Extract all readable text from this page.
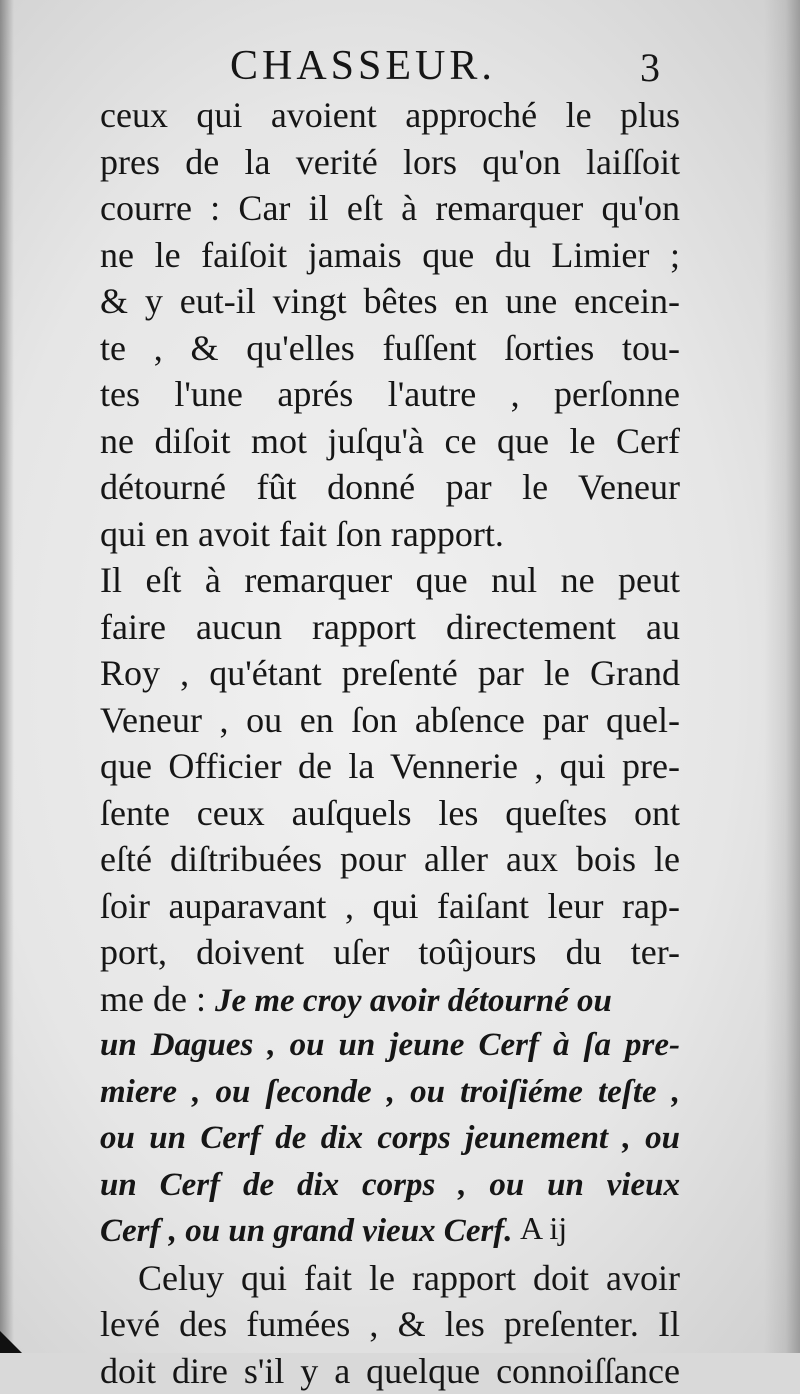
CHASSEUR.	3
ceux qui avoient approché le plus
pres de la verité lors qu'on laiſſoit
courre : Car il eſt à remarquer qu'on
ne le faiſoit jamais que du Limier ;
& y eut-il vingt bêtes en une encein-
te , & qu'elles fuſſent ſorties tou-
tes l'une aprés l'autre , perſonne
ne diſoit mot juſqu'à ce que le Cerf
détourné fût donné par le Veneur
qui en avoit fait ſon rapport.
Il eſt à remarquer que nul ne peut
faire aucun rapport directement au
Roy , qu'étant preſenté par le Grand
Veneur , ou en ſon abſence par quel-
que Officier de la Vennerie , qui pre-
ſente ceux auſquels les queſtes ont
eſté diſtribuées pour aller aux bois le
ſoir auparavant , qui faiſant leur rap-
port, doivent uſer toûjours du ter-
me de : Je me croy avoir détourné ou
un Dagues , ou un jeune Cerf à ſa pre-
miere , ou ſeconde , ou troiſiéme teſte ,
ou un Cerf de dix corps jeunement , ou
un Cerf de dix corps , ou un vieux
Cerf , ou un grand vieux Cerf.
Celuy qui fait le rapport doit avoir
levé des fumées , & les preſenter. Il
doit dire s'il y a quelque connoiſſance
A ij
